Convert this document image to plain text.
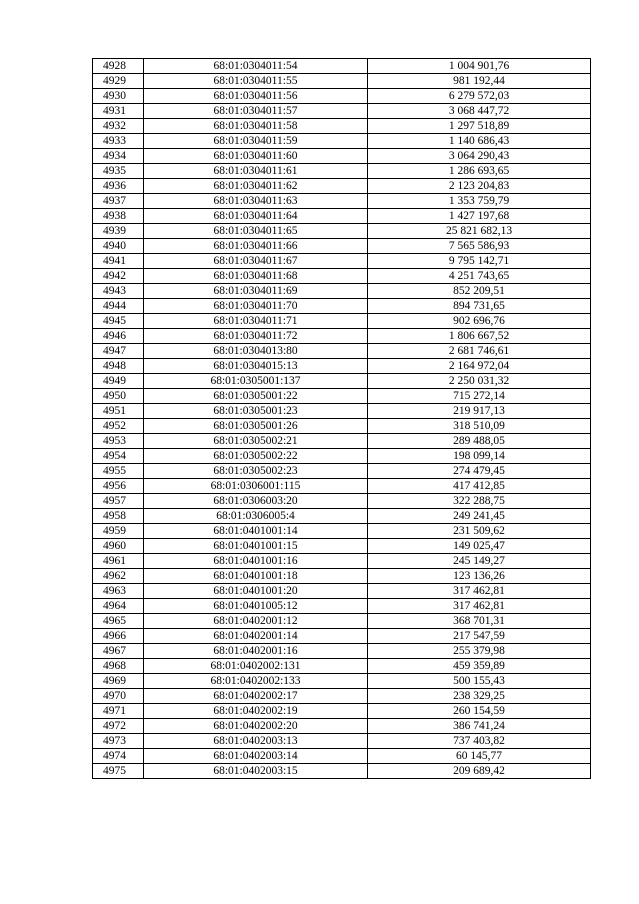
4928	68:01:0304011:54	1 004 901,76
4929	68:01:0304011:55	981 192,44
4930	68:01:0304011:56	6 279 572,03
4931	68:01:0304011:57	3 068 447,72
4932	68:01:0304011:58	1 297 518,89
4933	68:01:0304011:59	1 140 686,43
4934	68:01:0304011:60	3 064 290,43
4935	68:01:0304011:61	1 286 693,65
4936	68:01:0304011:62	2 123 204,83
4937	68:01:0304011:63	1 353 759,79
4938	68:01:0304011:64	1 427 197,68
4939	68:01:0304011:65	25 821 682,13
4940	68:01:0304011:66	7 565 586,93
4941	68:01:0304011:67	9 795 142,71
4942	68:01:0304011:68	4 251 743,65
4943	68:01:0304011:69	852 209,51
4944	68:01:0304011:70	894 731,65
4945	68:01:0304011:71	902 696,76
4946	68:01:0304011:72	1 806 667,52
4947	68:01:0304013:80	2 681 746,61
4948	68:01:0304015:13	2 164 972,04
4949	68:01:0305001:137	2 250 031,32
4950	68:01:0305001:22	715 272,14
4951	68:01:0305001:23	219 917,13
4952	68:01:0305001:26	318 510,09
4953	68:01:0305002:21	289 488,05
4954	68:01:0305002:22	198 099,14
4955	68:01:0305002:23	274 479,45
4956	68:01:0306001:115	417 412,85
4957	68:01:0306003:20	322 288,75
4958	68:01:0306005:4	249 241,45
4959	68:01:0401001:14	231 509,62
4960	68:01:0401001:15	149 025,47
4961	68:01:0401001:16	245 149,27
4962	68:01:0401001:18	123 136,26
4963	68:01:0401001:20	317 462,81
4964	68:01:0401005:12	317 462,81
4965	68:01:0402001:12	368 701,31
4966	68:01:0402001:14	217 547,59
4967	68:01:0402001:16	255 379,98
4968	68:01:0402002:131	459 359,89
4969	68:01:0402002:133	500 155,43
4970	68:01:0402002:17	238 329,25
4971	68:01:0402002:19	260 154,59
4972	68:01:0402002:20	386 741,24
4973	68:01:0402003:13	737 403,82
4974	68:01:0402003:14	60 145,77
4975	68:01:0402003:15	209 689,42
